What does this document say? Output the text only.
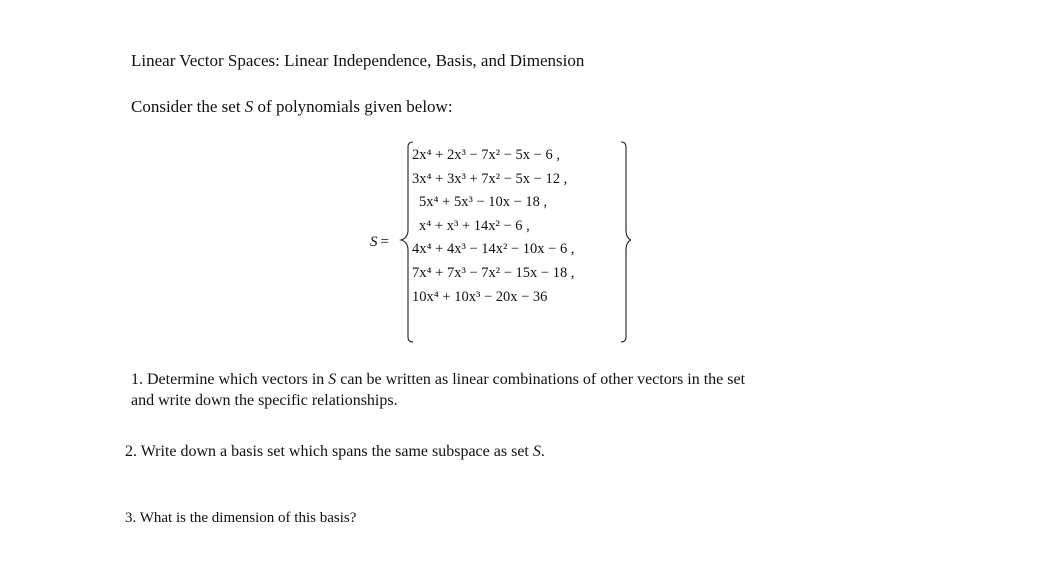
Linear Vector Spaces: Linear Independence, Basis, and Dimension
Consider the set S of polynomials given below:
S =
2x⁴ + 2x³ − 7x² − 5x − 6 ,
3x⁴ + 3x³ + 7x² − 5x − 12 ,
5x⁴ + 5x³ − 10x − 18 ,
x⁴ + x³ + 14x² − 6 ,
4x⁴ + 4x³ − 14x² − 10x − 6 ,
7x⁴ + 7x³ − 7x² − 15x − 18 ,
10x⁴ + 10x³ − 20x − 36
1. Determine which vectors in S can be written as linear combinations of other vectors in the set
and write down the specific relationships.
2. Write down a basis set which spans the same subspace as set S.
3. What is the dimension of this basis?
